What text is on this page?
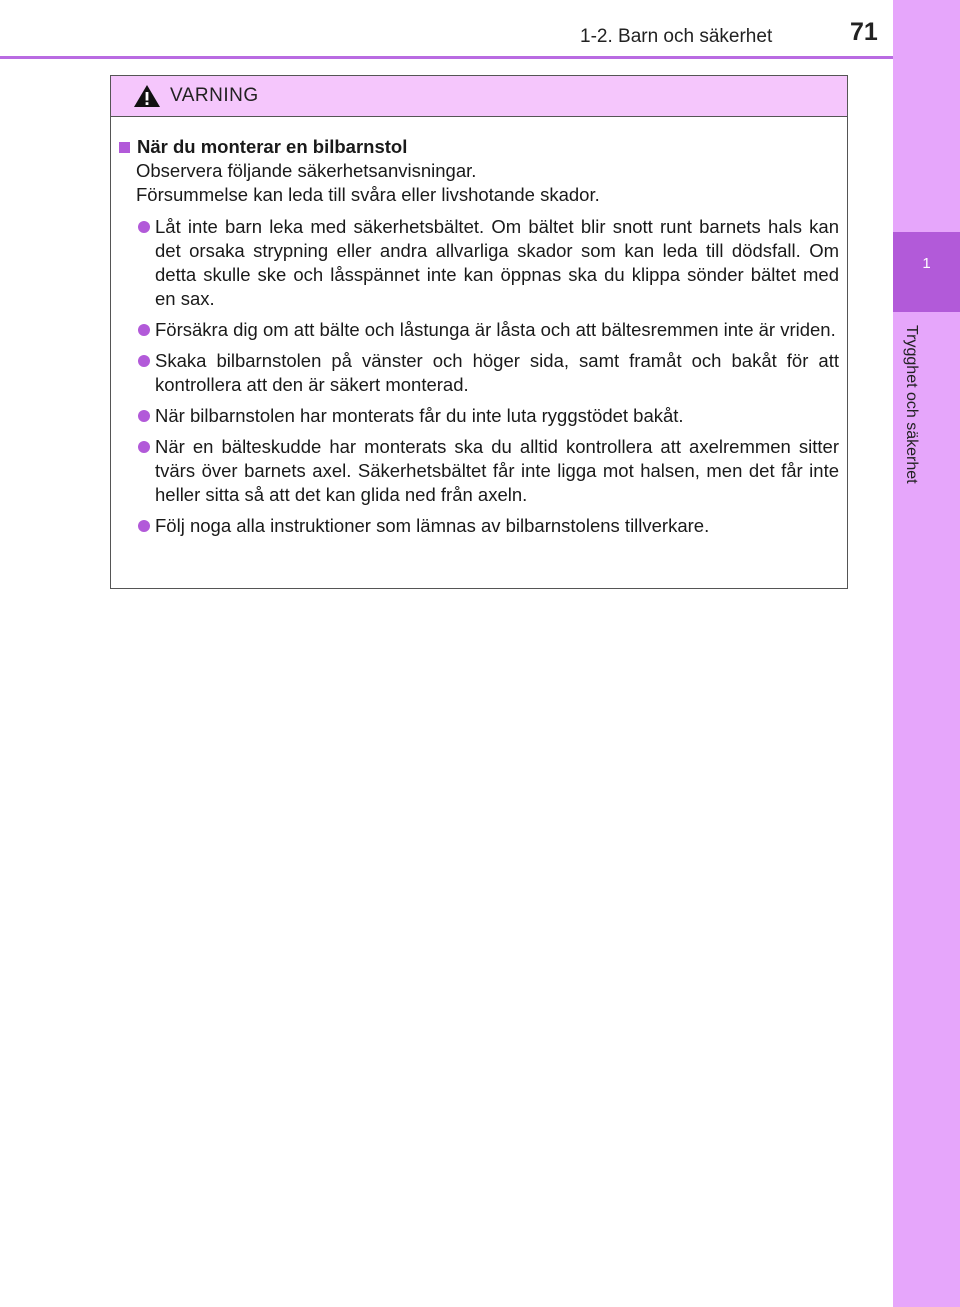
1
Trygghet och säkerhet
1-2. Barn och säkerhet	71
VARNING
När du monterar en bilbarnstol
Observera följande säkerhetsanvisningar.
Försummelse kan leda till svåra eller livshotande skador.
Låt inte barn leka med säkerhetsbältet. Om bältet blir snott runt barnets hals kan det orsaka strypning eller andra allvarliga skador som kan leda till dödsfall. Om detta skulle ske och låsspännet inte kan öppnas ska du klippa sönder bältet med en sax.
Försäkra dig om att bälte och låstunga är låsta och att bältesremmen inte är vriden.
Skaka bilbarnstolen på vänster och höger sida, samt framåt och bakåt för att kontrollera att den är säkert monterad.
När bilbarnstolen har monterats får du inte luta ryggstödet bakåt.
När en bälteskudde har monterats ska du alltid kontrollera att axelremmen sitter tvärs över barnets axel. Säkerhetsbältet får inte ligga mot halsen, men det får inte heller sitta så att det kan glida ned från axeln.
Följ noga alla instruktioner som lämnas av bilbarnstolens tillverkare.
